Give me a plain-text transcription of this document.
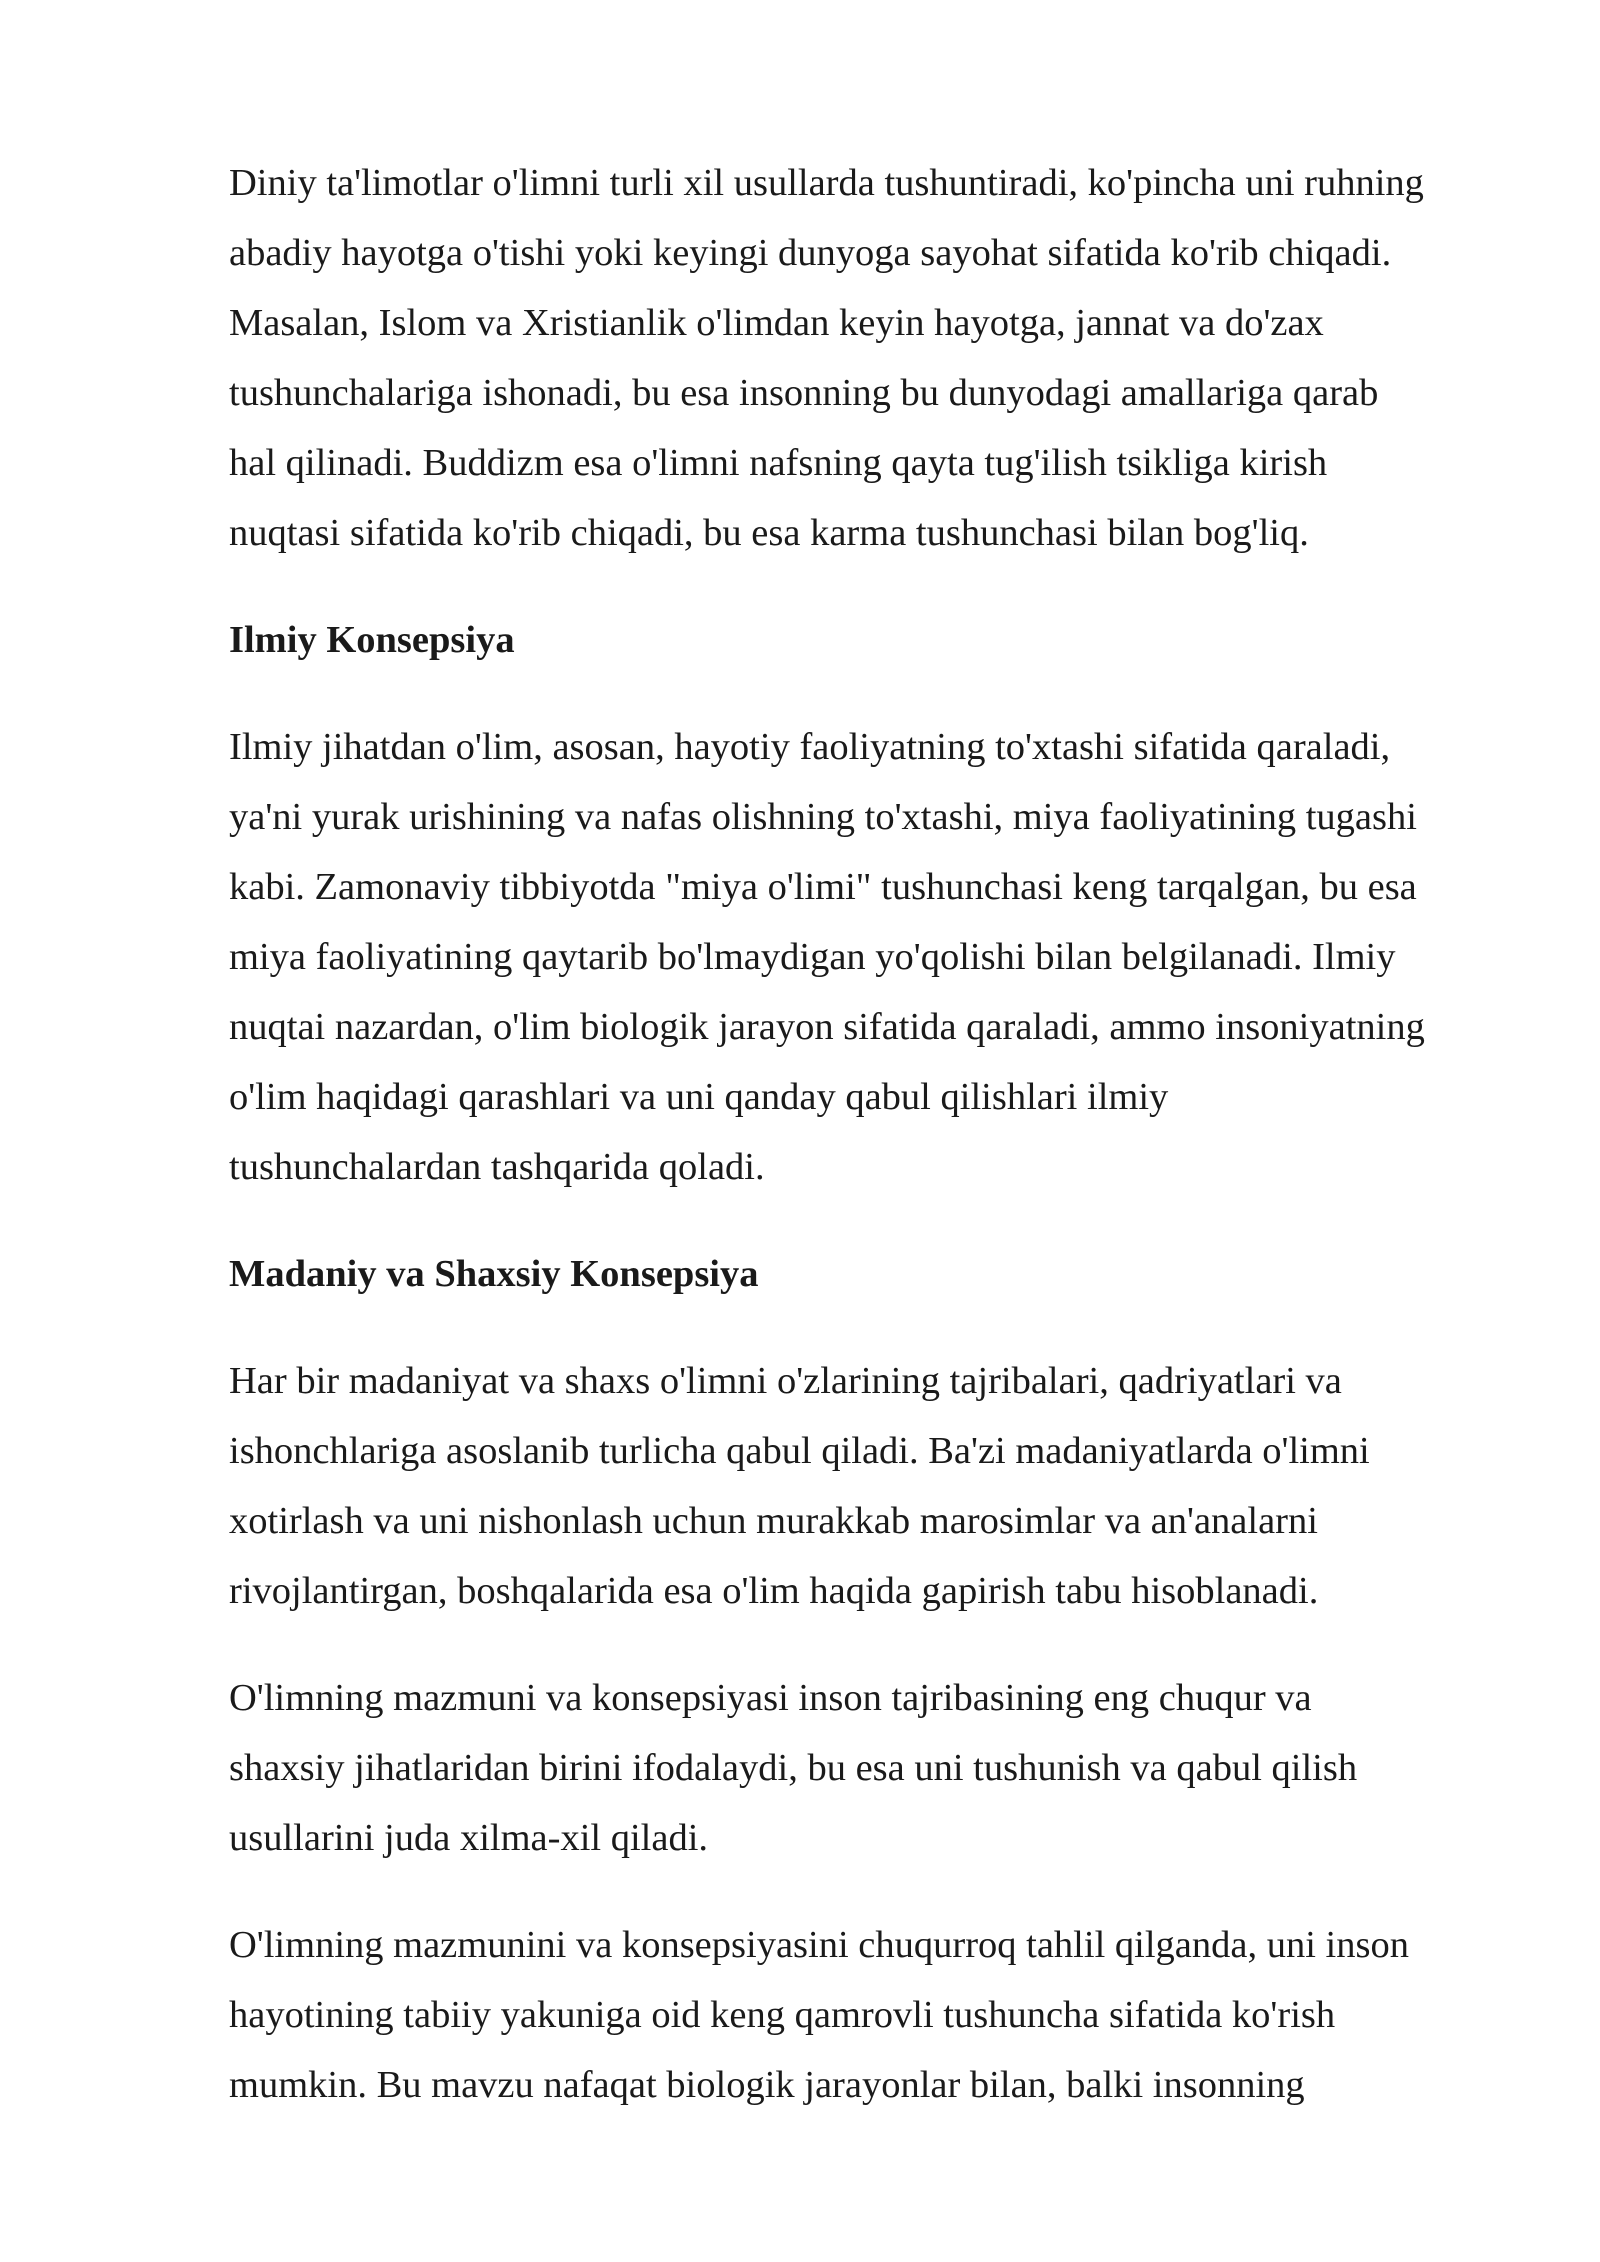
Diniy ta'limotlar o'limni turli xil usullarda tushuntiradi, ko'pincha uni ruhning
abadiy hayotga o'tishi yoki keyingi dunyoga sayohat sifatida ko'rib chiqadi.
Masalan, Islom va Xristianlik o'limdan keyin hayotga, jannat va do'zax
tushunchalariga ishonadi, bu esa insonning bu dunyodagi amallariga qarab
hal qilinadi. Buddizm esa o'limni nafsning qayta tug'ilish tsikliga kirish
nuqtasi sifatida ko'rib chiqadi, bu esa karma tushunchasi bilan bog'liq.

Ilmiy Konsepsiya

Ilmiy jihatdan o'lim, asosan, hayotiy faoliyatning to'xtashi sifatida qaraladi,
ya'ni yurak urishining va nafas olishning to'xtashi, miya faoliyatining tugashi
kabi. Zamonaviy tibbiyotda "miya o'limi" tushunchasi keng tarqalgan, bu esa
miya faoliyatining qaytarib bo'lmaydigan yo'qolishi bilan belgilanadi. Ilmiy
nuqtai nazardan, o'lim biologik jarayon sifatida qaraladi, ammo insoniyatning
o'lim haqidagi qarashlari va uni qanday qabul qilishlari ilmiy
tushunchalardan tashqarida qoladi.

Madaniy va Shaxsiy Konsepsiya

Har bir madaniyat va shaxs o'limni o'zlarining tajribalari, qadriyatlari va
ishonchlariga asoslanib turlicha qabul qiladi. Ba'zi madaniyatlarda o'limni
xotirlash va uni nishonlash uchun murakkab marosimlar va an'analarni
rivojlantirgan, boshqalarida esa o'lim haqida gapirish tabu hisoblanadi.

O'limning mazmuni va konsepsiyasi inson tajribasining eng chuqur va
shaxsiy jihatlaridan birini ifodalaydi, bu esa uni tushunish va qabul qilish
usullarini juda xilma-xil qiladi.

O'limning mazmunini va konsepsiyasini chuqurroq tahlil qilganda, uni inson
hayotining tabiiy yakuniga oid keng qamrovli tushuncha sifatida ko'rish
mumkin. Bu mavzu nafaqat biologik jarayonlar bilan, balki insonning
